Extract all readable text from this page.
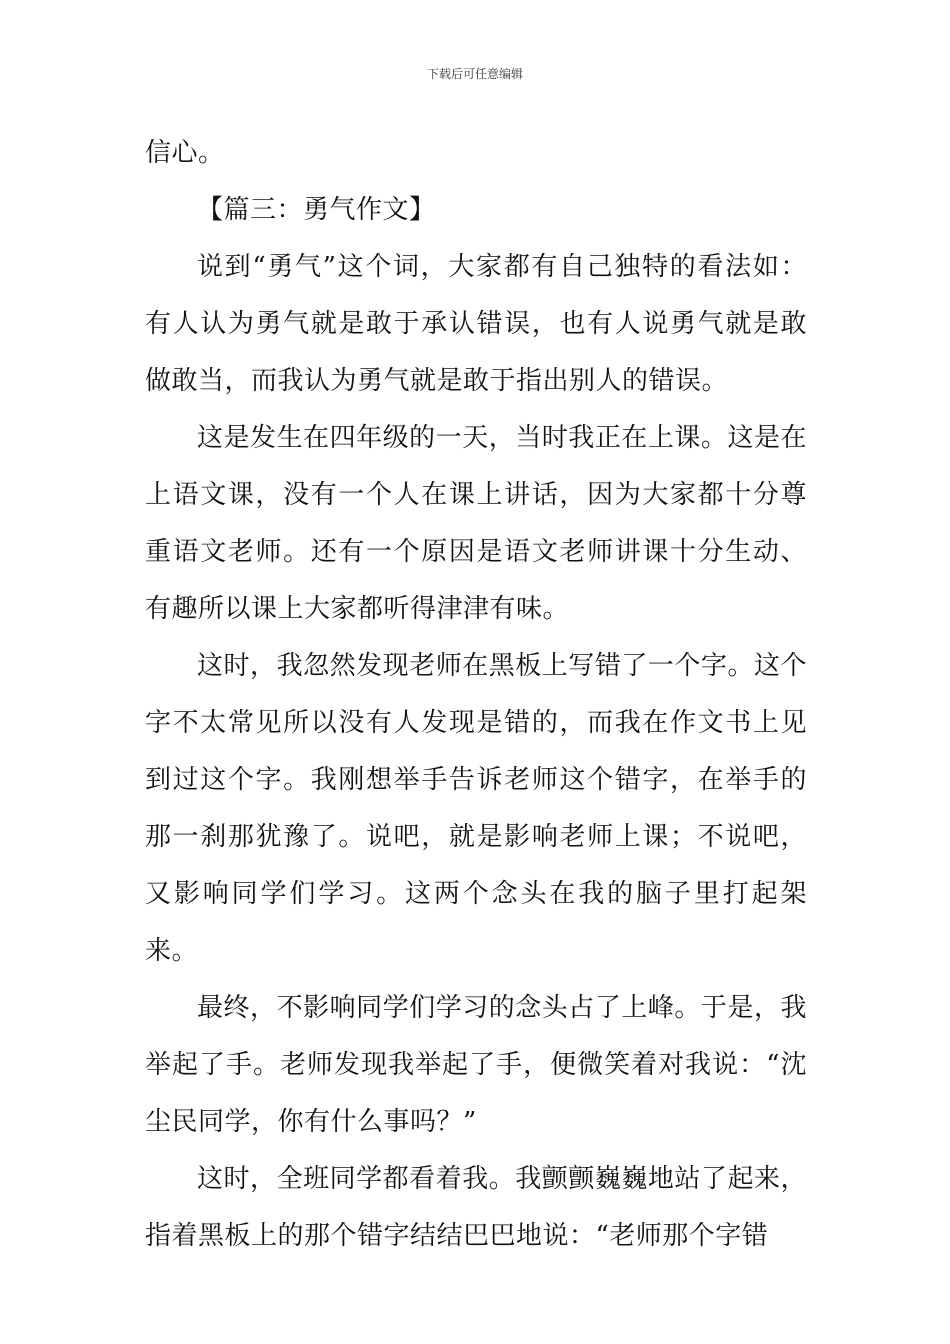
下载后可任意编辑

信心。

【篇三：勇气作文】

说到“勇气”这个词，大家都有自己独特的看法如：有人认为勇气就是敢于承认错误，也有人说勇气就是敢做敢当，而我认为勇气就是敢于指出别人的错误。

这是发生在四年级的一天，当时我正在上课。这是在上语文课，没有一个人在课上讲话，因为大家都十分尊重语文老师。还有一个原因是语文老师讲课十分生动、有趣所以课上大家都听得津津有味。

这时，我忽然发现老师在黑板上写错了一个字。这个字不太常见所以没有人发现是错的，而我在作文书上见到过这个字。我刚想举手告诉老师这个错字，在举手的那一刹那犹豫了。说吧，就是影响老师上课；不说吧，又影响同学们学习。这两个念头在我的脑子里打起架来。

最终，不影响同学们学习的念头占了上峰。于是，我举起了手。老师发现我举起了手，便微笑着对我说：“沈尘民同学，你有什么事吗？”

这时，全班同学都看着我。我颤颤巍巍地站了起来，指着黑板上的那个错字结结巴巴地说：“老师那个字错
